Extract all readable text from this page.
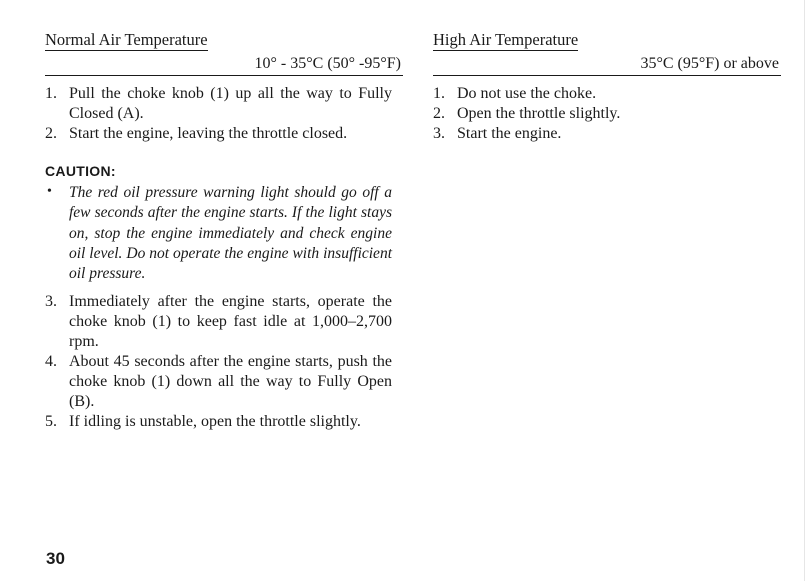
Normal Air Temperature
10° - 35°C (50° -95°F)
1. Pull the choke knob (1) up all the way to Fully Closed (A).
2. Start the engine, leaving the throttle closed.
CAUTION:
• The red oil pressure warning light should go off a few seconds after the engine starts. If the light stays on, stop the engine immediately and check engine oil level. Do not operate the engine with insufficient oil pressure.
3. Immediately after the engine starts, operate the choke knob (1) to keep fast idle at 1,000–2,700 rpm.
4. About 45 seconds after the engine starts, push the choke knob (1) down all the way to Fully Open (B).
5. If idling is unstable, open the throttle slightly.
High Air Temperature
35°C (95°F) or above
1. Do not use the choke.
2. Open the throttle slightly.
3. Start the engine.
30
